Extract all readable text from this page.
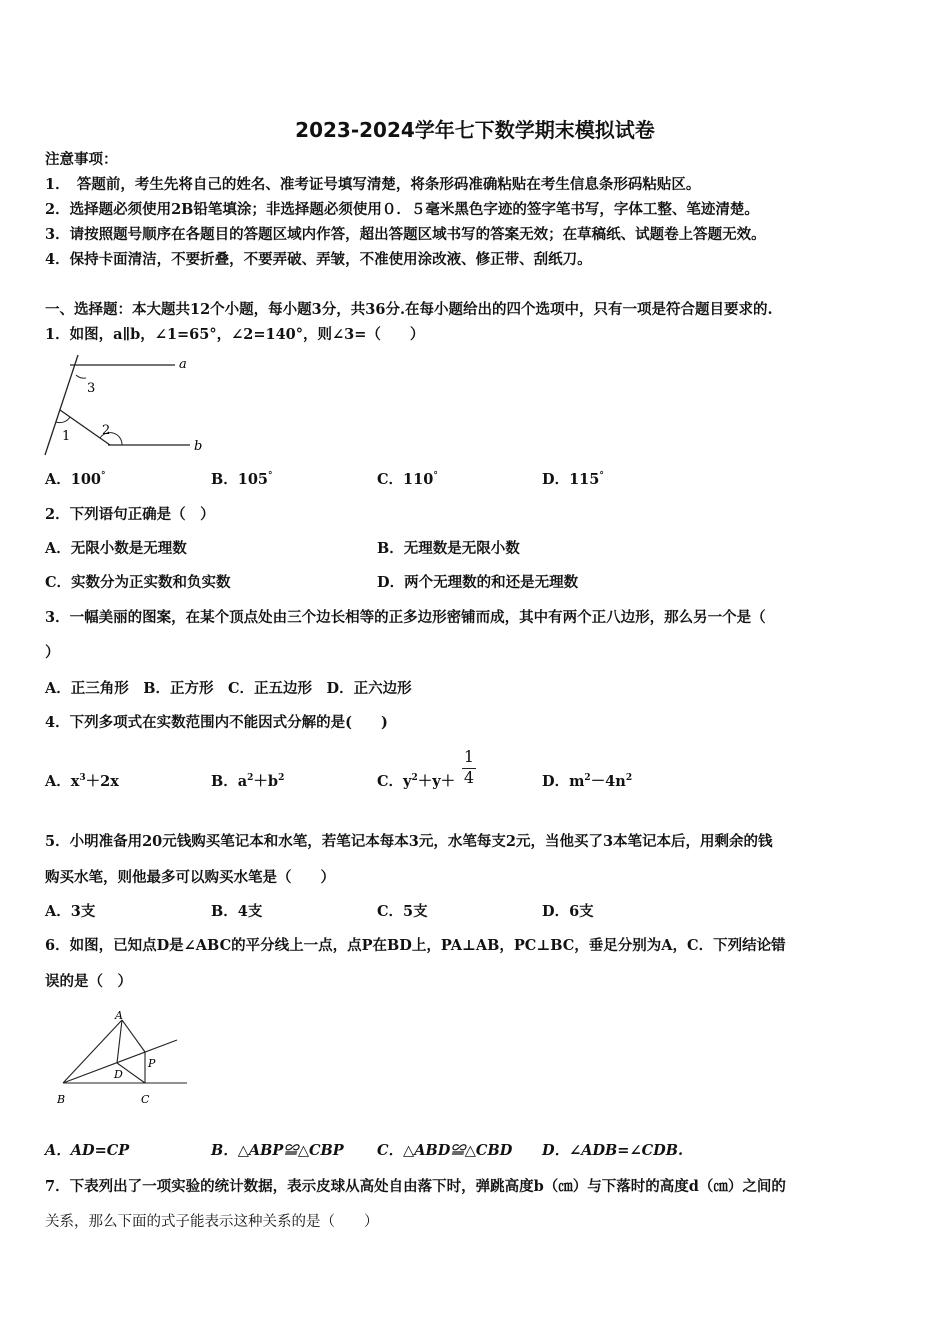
2023-2024学年七下数学期末模拟试卷
注意事项：
1．　答题前，考生先将自己的姓名、准考证号填写清楚，将条形码准确粘贴在考生信息条形码粘贴区。
2．选择题必须使用2B铅笔填涂；非选择题必须使用０．５毫米黑色字迹的签字笔书写，字体工整、笔迹清楚。
3．请按照题号顺序在各题目的答题区域内作答，超出答题区域书写的答案无效；在草稿纸、试题卷上答题无效。
4．保持卡面清洁，不要折叠，不要弄破、弄皱，不准使用涂改液、修正带、刮纸刀。
一、选择题：本大题共12个小题，每小题3分，共36分.在每小题给出的四个选项中，只有一项是符合题目要求的.
1．如图，a∥b，∠1=65°，∠2=140°，则∠3=（　　）
a
b
3
1 2
A．100°	B．105°	C．110°	D．115°
2．下列语句正确是（　）
A．无限小数是无理数	B．无理数是无限小数
C．实数分为正实数和负实数	D．两个无理数的和还是无理数
3．一幅美丽的图案，在某个顶点处由三个边长相等的正多边形密铺而成，其中有两个正八边形，那么另一个是（
）
A．正三角形　B．正方形　C．正五边形　D．正六边形
4．下列多项式在实数范围内不能因式分解的是(　　)
A．$x^3+2x$	B．$a^2+b^2$	C．$y^2+y+ \frac{1}{4}$	D．$m^2-4n^2$
5．小明准备用20元钱购买笔记本和水笔，若笔记本每本3元，水笔每支2元，当他买了3本笔记本后，用剩余的钱
购买水笔，则他最多可以购买水笔是（　　）
A．3支	B．4支	C．5支	D．6支
6．如图，已知点D是∠ABC的平分线上一点，点P在BD上，PA⊥AB，PC⊥BC，垂足分别为A，C．下列结论错
误的是（　）
A
P
D
B	C
A．AD=CP	B．△ABP≌△CBP C．△ABD≌△CBD D．∠ADB=∠CDB.
7．下表列出了一项实验的统计数据，表示皮球从高处自由落下时，弹跳高度b（㎝）与下落时的高度d（㎝）之间的
关系，那么下面的式子能表示这种关系的是（　　）
